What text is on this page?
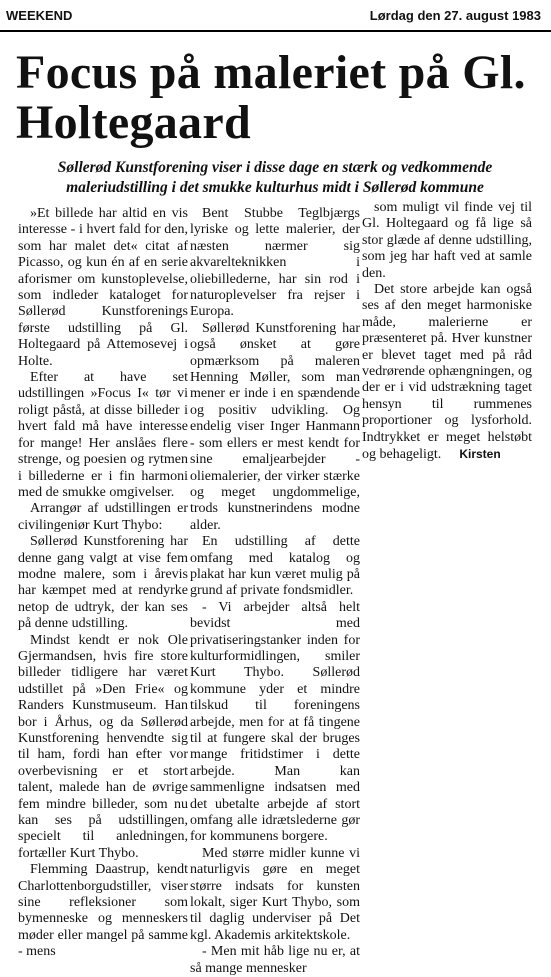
WEEKEND	Lørdag den 27. august 1983
Focus på maleriet på Gl. Holtegaard
Søllerød Kunstforening viser i disse dage en stærk og vedkommende maleriudstilling i det smukke kulturhus midt i Søllerød kommune

»Et billede har altid en vis interesse - i hvert fald for den, som har malet det« citat af Picasso, og kun én af en serie aforismer om kunstoplevelse, som indleder kataloget for Søllerød Kunstforenings første udstilling på Gl. Holtegaard på Attemosevej i Holte.

Efter at have set udstillingen »Focus I« tør vi roligt påstå, at disse billeder i hvert fald må have interesse for mange! Her anslåes flere strenge, og poesien og rytmen i billederne er i fin harmoni med de smukke omgivelser.

Arrangør af udstillingen er civilingeniør Kurt Thybo:

Søllerød Kunstforening har denne gang valgt at vise fem modne malere, som i årevis har kæmpet med at rendyrke netop de udtryk, der kan ses på denne udstilling.

Mindst kendt er nok Ole Gjermandsen, hvis fire store billeder tidligere har været udstillet på »Den Frie« og Randers Kunstmuseum. Han bor i Århus, og da Søllerød Kunstforening henvendte sig til ham, fordi han efter vor overbevisning er et stort talent, malede han de øvrige fem mindre billeder, som nu kan ses på udstillingen, specielt til anledningen, fortæller Kurt Thybo.

Flemming Daastrup, kendt Charlottenborgudstiller, viser sine refleksioner som bymenneske og menneskers møder eller mangel på samme - mens

Bent Stubbe Teglbjærgs lyriske og lette malerier, der næsten nærmer sig akvarelteknikken i oliebillederne, har sin rod i naturoplevelser fra rejser i Europa.

Søllerød Kunstforening har også ønsket at gøre opmærksom på maleren Henning Møller, som man mener er inde i en spændende og positiv udvikling. Og endelig viser Inger Hanmann - som ellers er mest kendt for sine emaljearbejder - oliemalerier, der virker stærke og meget ungdommelige, trods kunstnerindens modne alder.

En udstilling af dette omfang med katalog og plakat har kun været mulig på grund af private fondsmidler.

- Vi arbejder altså helt bevidst med privatiseringstanker inden for kulturformidlingen, smiler Kurt Thybo. Søllerød kommune yder et mindre tilskud til foreningens arbejde, men for at få tingene til at fungere skal der bruges mange fritidstimer i dette arbejde. Man kan sammenligne indsatsen med det ubetalte arbejde af stort omfang alle idrætslederne gør for kommunens borgere.

Med større midler kunne vi naturligvis gøre en meget større indsats for kunsten lokalt, siger Kurt Thybo, som til daglig underviser på Det kgl. Akademis arkitektskole.

- Men mit håb lige nu er, at så mange mennesker

som muligt vil finde vej til Gl. Holtegaard og få lige så stor glæde af denne udstilling, som jeg har haft ved at samle den.

Det store arbejde kan også ses af den meget harmoniske måde, malerierne er præsenteret på. Hver kunstner er blevet taget med på råd vedrørende ophængningen, og der er i vid udstrækning taget hensyn til rummenes proportioner og lysforhold. Indtrykket er meget helstøbt og behageligt. Kirsten
